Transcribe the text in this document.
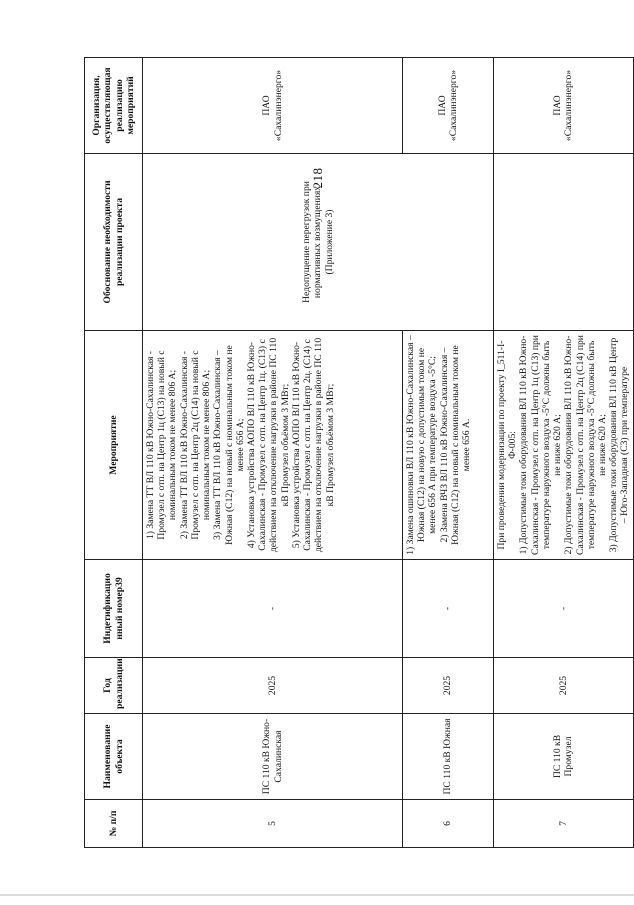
218
№ п/п	Наименование объекта	Год реализации	Индетификацио нный номер39	Мероприятие	Обоснование необходимости реализации проекта	Организация, осуществляющая реализацию мероприятий
5	ПС 110 кВ Южно-Сахалинская	2025	-	1) Замена ТТ ВЛ 110 кВ Южно-Сахалинская - Промузел с отп. на Центр 1ц (С13) на новый с номинальным током не менее 806 А; 2) Замена ТТ ВЛ 110 кВ Южно-Сахалинская - Промузел с отп. на Центр 2ц (С14) на новый с номинальным током не менее 806 А; 3) Замена ТТ ВЛ 110 кВ Южно-Сахалинская – Южная (С12) на новый с номинальным током не менее 656 А; 4) Установка устройства АОПО ВЛ 110 кВ Южно-Сахалинская - Промузел с отп. на Центр 1ц. (С13) с действием на отключение нагрузки в районе ПС 110 кВ Промузел объёмом 3 МВт; 5) Установка устройства АОПО ВЛ 110 кВ Южно-Сахалинская - Промузел с отп. на Центр 2ц. (С14) с действием на отключение нагрузки в районе ПС 110 кВ Промузел объёмом 3 МВт;	Недопущение перегрузок при нормативных возмущениях (Приложение 3)	ПАО «Сахалинэнерго»
6	ПС 110 кВ Южная	2025	-	1) Замена ошиновки ВЛ 110 кВ Южно-Сахалинская – Южная (С12) на новую с допустимым током не менее 656 А при температуре воздуха -5°С; 2) Замена ВЧЗ ВЛ 110 кВ Южно-Сахалинская – Южная (С12) на новый с номинальным током не менее 656 А.		ПАО «Сахалинэнерго»
7	ПС 110 кВ Промузел	2025	-	При проведении модернизации по проекту I_511-I-Ф-005: 1) Допустимые токи оборудования ВЛ 110 кВ Южно-Сахалинская - Промузел с отп. на Центр 1ц (С13) при температуре наружного воздуха -5°С должны быть не ниже 620 А; 2) Допустимые токи оборудования ВЛ 110 кВ Южно-Сахалинская - Промузел с отп. на Центр 2ц (С14) при температуре наружного воздуха -5°С должны быть не ниже 620 А; 3) Допустимые токи оборудования ВЛ 110 кВ Центр – Юго-Западная (С3) при температуре		ПАО «Сахалинэнерго»
